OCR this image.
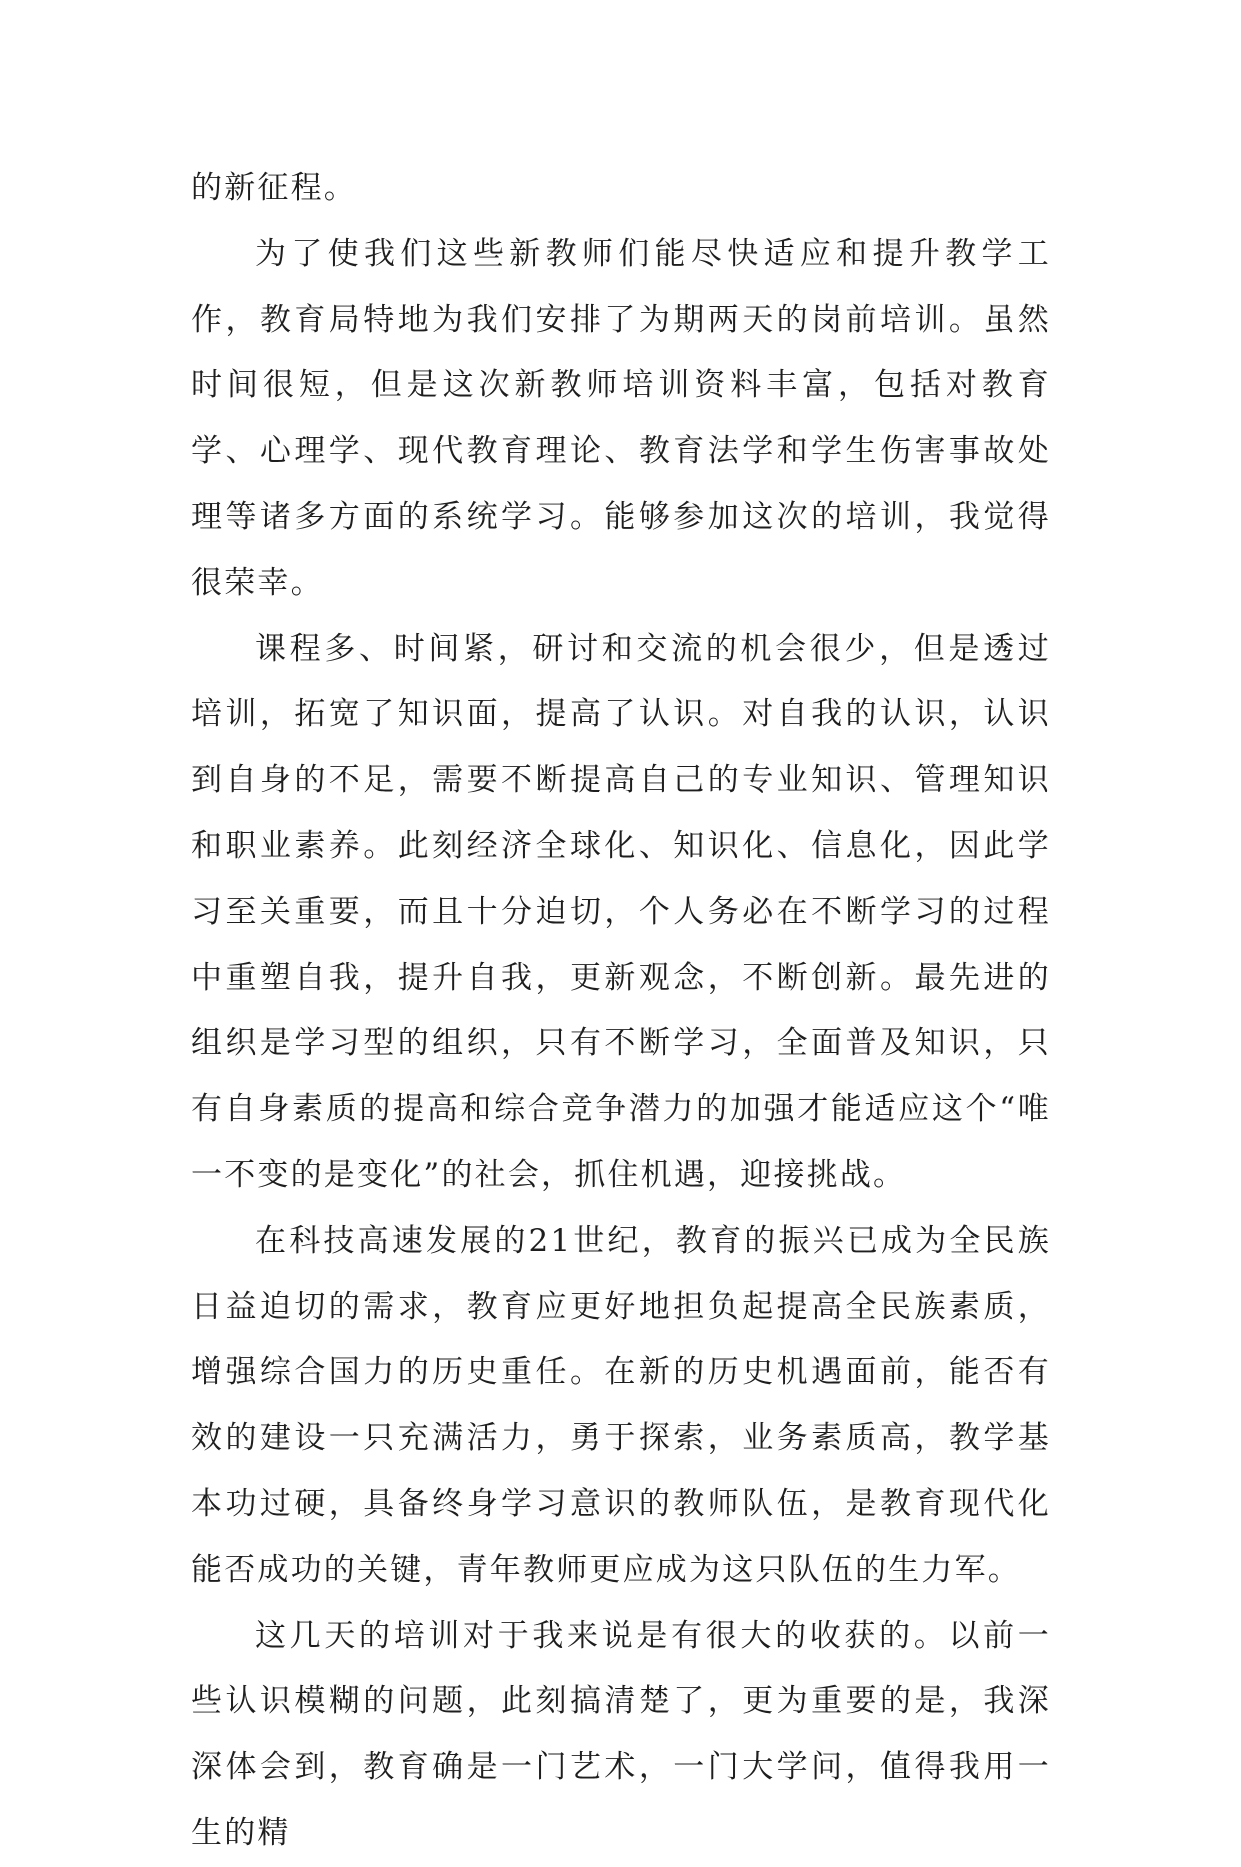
的新征程。

为了使我们这些新教师们能尽快适应和提升教学工作，教育局特地为我们安排了为期两天的岗前培训。虽然时间很短，但是这次新教师培训资料丰富，包括对教育学、心理学、现代教育理论、教育法学和学生伤害事故处理等诸多方面的系统学习。能够参加这次的培训，我觉得很荣幸。

课程多、时间紧，研讨和交流的机会很少，但是透过培训，拓宽了知识面，提高了认识。对自我的认识，认识到自身的不足，需要不断提高自己的专业知识、管理知识和职业素养。此刻经济全球化、知识化、信息化，因此学习至关重要，而且十分迫切，个人务必在不断学习的过程中重塑自我，提升自我，更新观念，不断创新。最先进的组织是学习型的组织，只有不断学习，全面普及知识，只有自身素质的提高和综合竞争潜力的加强才能适应这个“唯一不变的是变化”的社会，抓住机遇，迎接挑战。

在科技高速发展的21世纪，教育的振兴已成为全民族日益迫切的需求，教育应更好地担负起提高全民族素质，增强综合国力的历史重任。在新的历史机遇面前，能否有效的建设一只充满活力，勇于探索，业务素质高，教学基本功过硬，具备终身学习意识的教师队伍，是教育现代化能否成功的关键，青年教师更应成为这只队伍的生力军。

这几天的培训对于我来说是有很大的收获的。以前一些认识模糊的问题，此刻搞清楚了，更为重要的是，我深深体会到，教育确是一门艺术，一门大学问，值得我用一生的精
